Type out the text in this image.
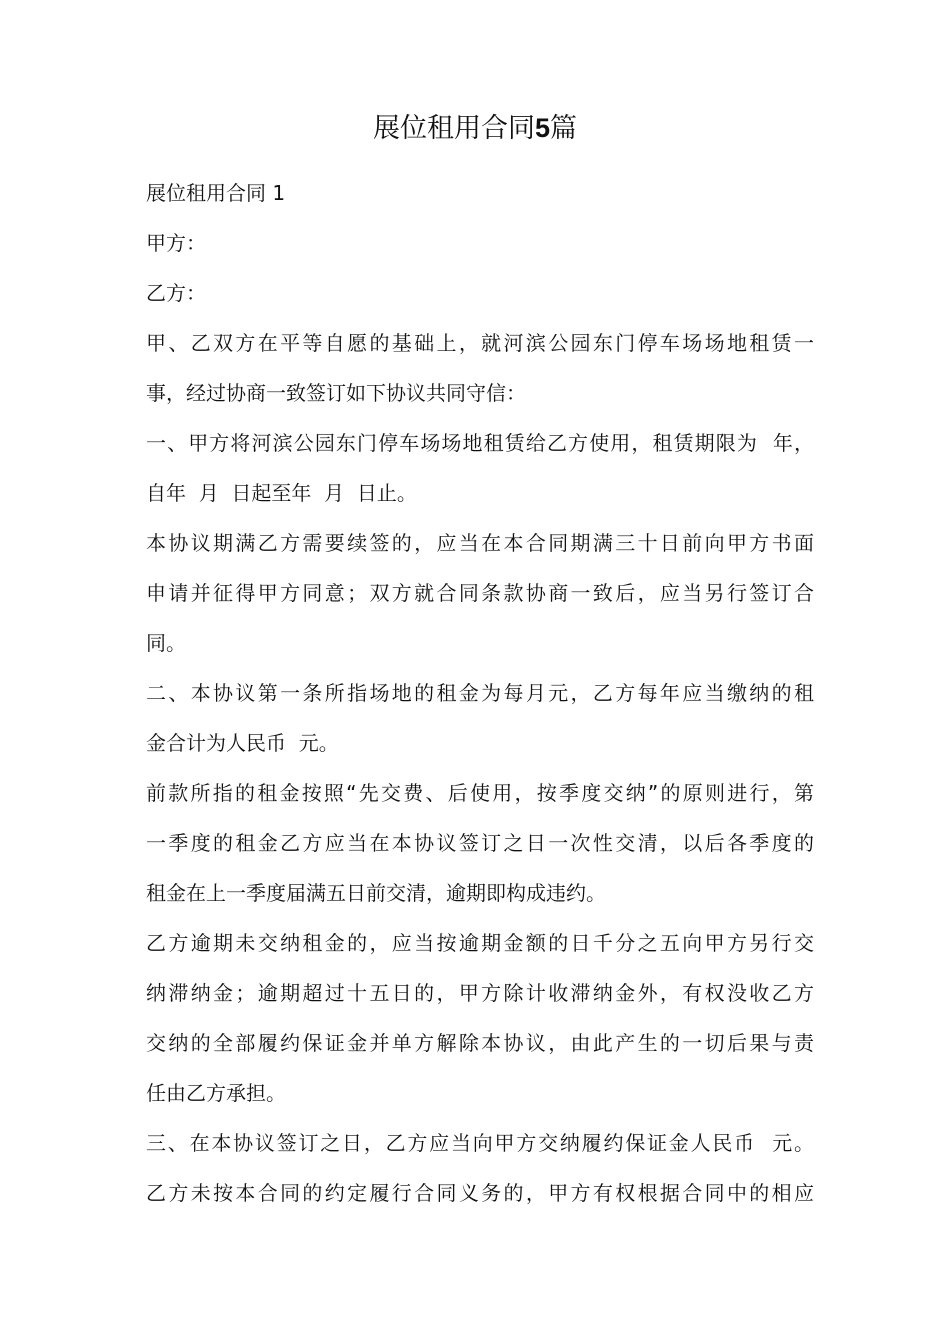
展位租用合同5篇
展位租用合同 1
甲方：
乙方：
甲、乙双方在平等自愿的基础上，就河滨公园东门停车场场地租赁一
事，经过协商一致签订如下协议共同守信：
一、甲方将河滨公园东门停车场场地租赁给乙方使用，租赁期限为  年，
自年  月  日起至年  月  日止。
本协议期满乙方需要续签的，应当在本合同期满三十日前向甲方书面
申请并征得甲方同意；双方就合同条款协商一致后，应当另行签订合
同。
二、本协议第一条所指场地的租金为每月元，乙方每年应当缴纳的租
金合计为人民币  元。
前款所指的租金按照“先交费、后使用，按季度交纳”的原则进行，第
一季度的租金乙方应当在本协议签订之日一次性交清，以后各季度的
租金在上一季度届满五日前交清，逾期即构成违约。
乙方逾期未交纳租金的，应当按逾期金额的日千分之五向甲方另行交
纳滞纳金；逾期超过十五日的，甲方除计收滞纳金外，有权没收乙方
交纳的全部履约保证金并单方解除本协议，由此产生的一切后果与责
任由乙方承担。
三、在本协议签订之日，乙方应当向甲方交纳履约保证金人民币  元。
乙方未按本合同的约定履行合同义务的，甲方有权根据合同中的相应
